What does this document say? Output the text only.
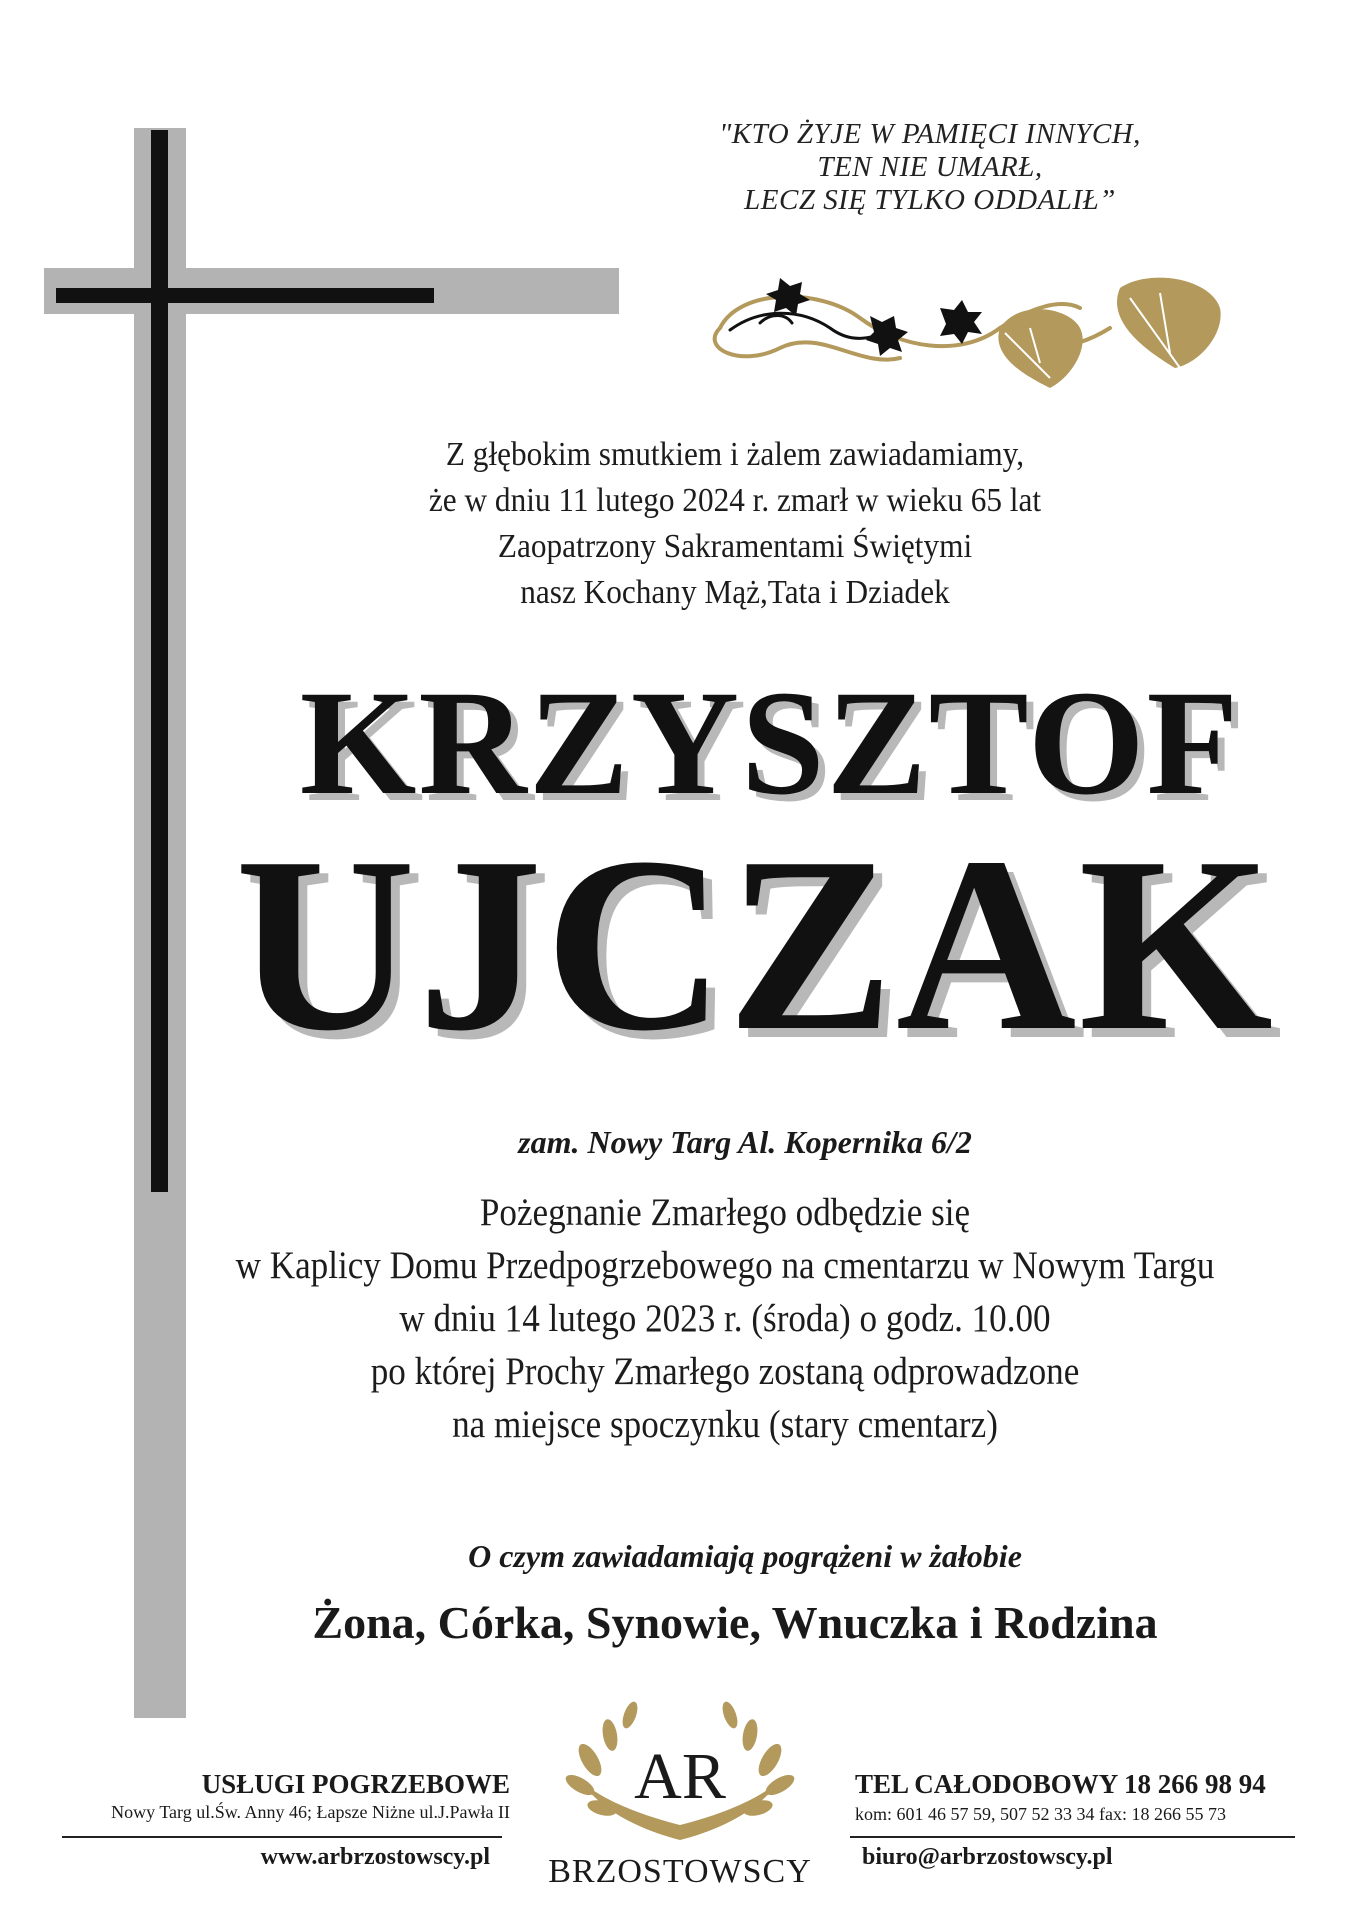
"KTO ŻYJE W PAMIĘCI INNYCH,
TEN NIE UMARŁ,
LECZ SIĘ TYLKO ODDALIŁ”
Z głębokim smutkiem i żalem zawiadamiamy,
że w dniu 11 lutego 2024 r. zmarł w wieku 65 lat
Zaopatrzony Sakramentami Świętymi
nasz Kochany Mąż,Tata i Dziadek
KRZYSZTOF
UJCZAK
zam. Nowy Targ Al. Kopernika 6/2
Pożegnanie Zmarłego odbędzie się
w Kaplicy Domu Przedpogrzebowego na cmentarzu w Nowym Targu
w dniu 14 lutego 2023 r. (środa) o godz. 10.00
po której Prochy Zmarłego zostaną odprowadzone
na miejsce spoczynku (stary cmentarz)
O czym zawiadamiają pogrążeni w żałobie
Żona, Córka, Synowie, Wnuczka i Rodzina
USŁUGI POGRZEBOWE
Nowy Targ ul.Św. Anny 46; Łapsze Niżne ul.J.Pawła II
www.arbrzostowscy.pl
AR
BRZOSTOWSCY
TEL CAŁODOBOWY 18 266 98 94
kom: 601 46 57 59, 507 52 33 34 fax: 18 266 55 73
biuro@arbrzostowscy.pl
